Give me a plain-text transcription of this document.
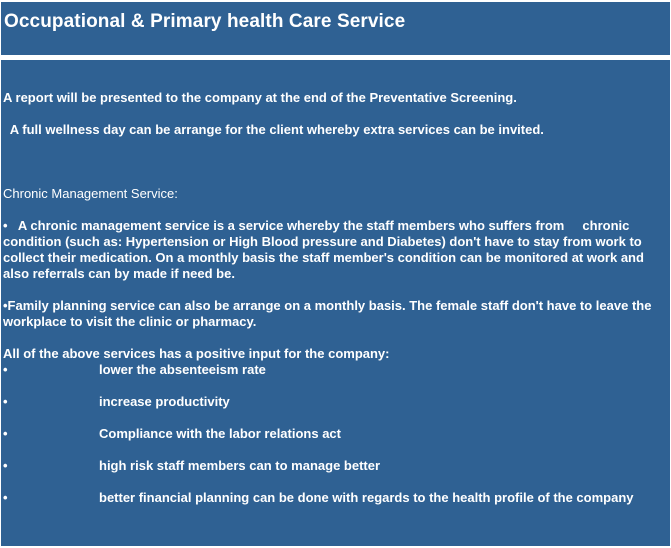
Occupational & Primary health Care Service
A report will be presented to the company at the end of the Preventative Screening.
A full wellness day can be arrange for the client whereby extra services can be invited.
Chronic Management Service:
•   A chronic management service is a service whereby the staff members who suffers from     chronic condition (such as: Hypertension or High Blood pressure and Diabetes) don't have to stay from work to collect their medication. On a monthly basis the staff member's condition can be monitored at work and also referrals can by made if need be.
•Family planning service can also be arrange on a monthly basis. The female staff don't have to leave the workplace to visit the clinic or pharmacy.
All of the above services has a positive input for the company:
•	lower the absenteeism rate
•	increase productivity
•	Compliance with the labor relations act
•	high risk staff members can to manage better
•	better financial planning can be done with regards to the health profile of the company
